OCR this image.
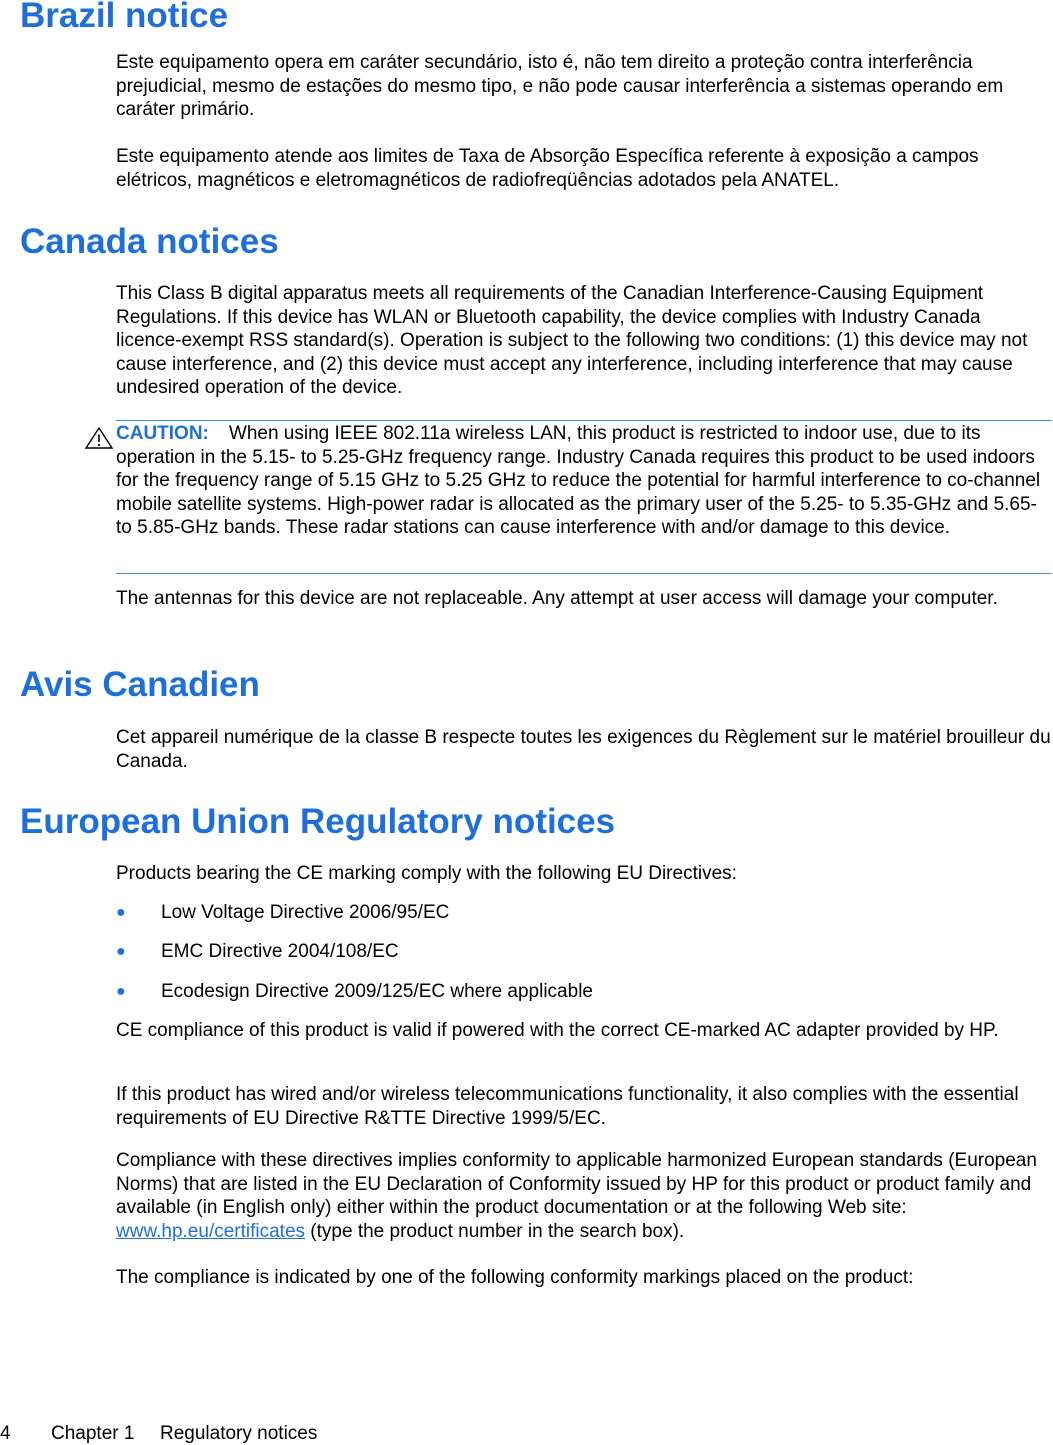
Brazil notice

Este equipamento opera em caráter secundário, isto é, não tem direito a proteção contra interferência prejudicial, mesmo de estações do mesmo tipo, e não pode causar interferência a sistemas operando em caráter primário.

Este equipamento atende aos limites de Taxa de Absorção Específica referente à exposição a campos elétricos, magnéticos e eletromagnéticos de radiofreqüências adotados pela ANATEL.

Canada notices

This Class B digital apparatus meets all requirements of the Canadian Interference-Causing Equipment Regulations. If this device has WLAN or Bluetooth capability, the device complies with Industry Canada licence-exempt RSS standard(s). Operation is subject to the following two conditions: (1) this device may not cause interference, and (2) this device must accept any interference, including interference that may cause undesired operation of the device.

CAUTION: When using IEEE 802.11a wireless LAN, this product is restricted to indoor use, due to its operation in the 5.15- to 5.25-GHz frequency range. Industry Canada requires this product to be used indoors for the frequency range of 5.15 GHz to 5.25 GHz to reduce the potential for harmful interference to co-channel mobile satellite systems. High-power radar is allocated as the primary user of the 5.25- to 5.35-GHz and 5.65- to 5.85-GHz bands. These radar stations can cause interference with and/or damage to this device.

The antennas for this device are not replaceable. Any attempt at user access will damage your computer.

Avis Canadien

Cet appareil numérique de la classe B respecte toutes les exigences du Règlement sur le matériel brouilleur du Canada.

European Union Regulatory notices

Products bearing the CE marking comply with the following EU Directives:

● Low Voltage Directive 2006/95/EC
● EMC Directive 2004/108/EC
● Ecodesign Directive 2009/125/EC where applicable

CE compliance of this product is valid if powered with the correct CE-marked AC adapter provided by HP.

If this product has wired and/or wireless telecommunications functionality, it also complies with the essential requirements of EU Directive R&TTE Directive 1999/5/EC.

Compliance with these directives implies conformity to applicable harmonized European standards (European Norms) that are listed in the EU Declaration of Conformity issued by HP for this product or product family and available (in English only) either within the product documentation or at the following Web site: www.hp.eu/certificates (type the product number in the search box).

The compliance is indicated by one of the following conformity markings placed on the product:

4 Chapter 1 Regulatory notices
